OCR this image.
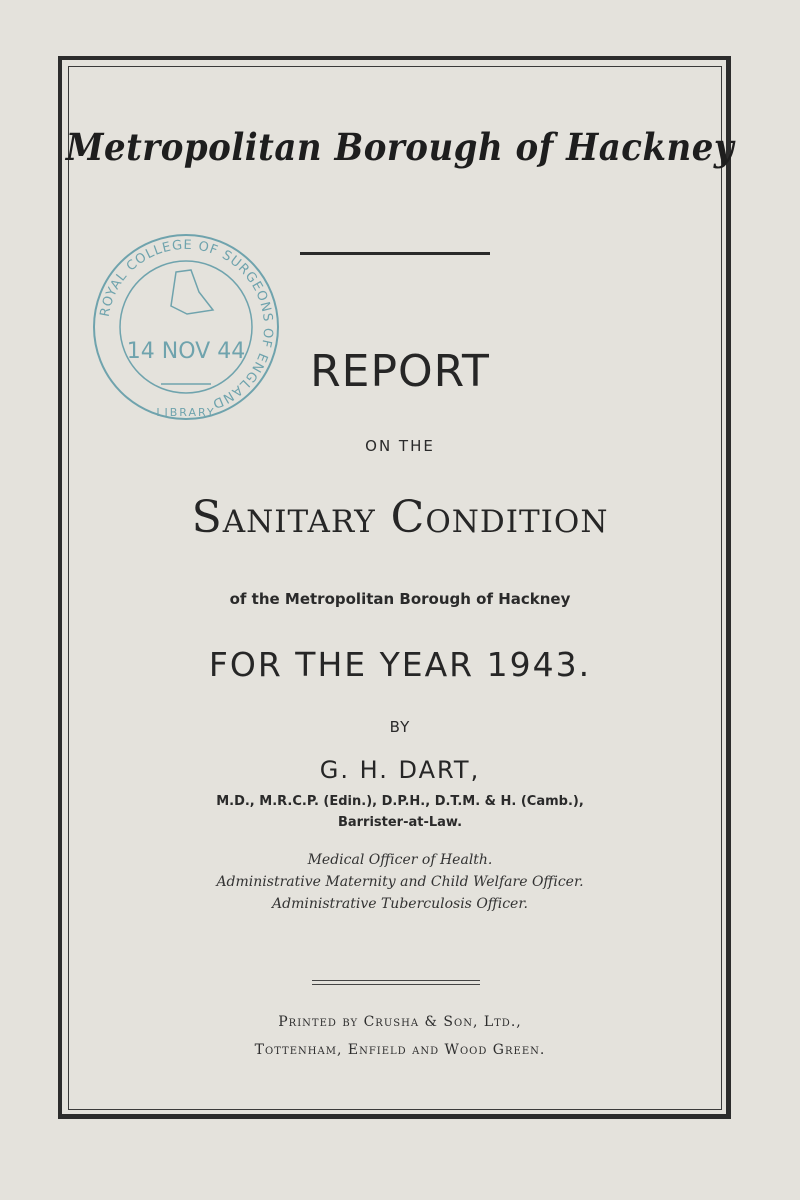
Metropolitan Borough of Hackney
ROYAL COLLEGE OF SURGEONS OF ENGLAND
14 NOV 44
LIBRARY
REPORT
ON THE
Sanitary Condition
of the Metropolitan Borough of Hackney
FOR THE YEAR 1943.
BY
G. H. DART,
M.D., M.R.C.P. (Edin.), D.P.H., D.T.M. & H. (Camb.),
Barrister-at-Law.
Medical Officer of Health.
Administrative Maternity and Child Welfare Officer.
Administrative Tuberculosis Officer.
Printed by Crusha & Son, Ltd.,
Tottenham, Enfield and Wood Green.
